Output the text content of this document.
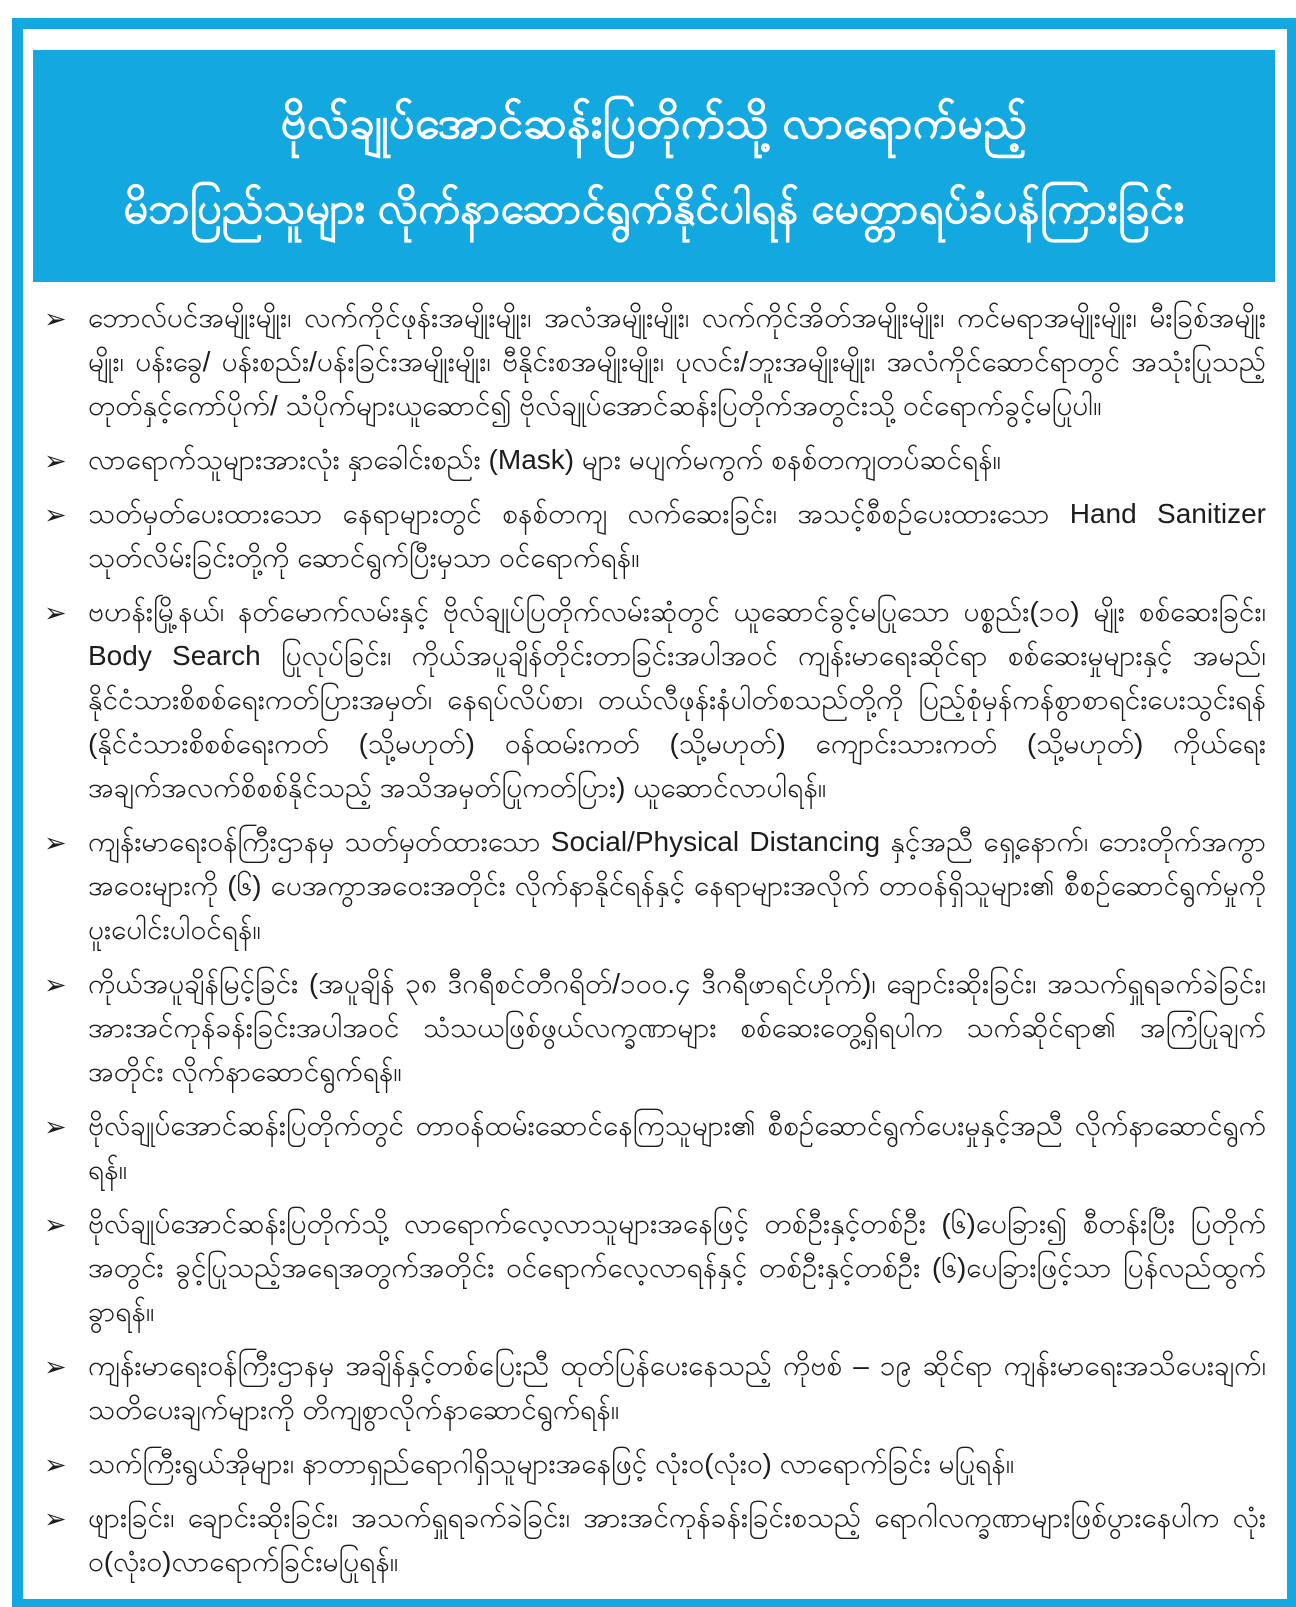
ဗိုလ်ချုပ်အောင်ဆန်းပြတိုက်သို့ လာရောက်မည့်
မိဘပြည်သူများ လိုက်နာဆောင်ရွက်နိုင်ပါရန် မေတ္တာရပ်ခံပန်ကြားခြင်း
➢ ဘောလ်ပင်အမျိုးမျိုး၊ လက်ကိုင်ဖုန်းအမျိုးမျိုး၊ အလံအမျိုးမျိုး၊ လက်ကိုင်အိတ်အမျိုးမျိုး၊ ကင်မရာအမျိုးမျိုး၊ မီးခြစ်အမျိုးမျိုး၊ ပန်းခွေ/ ပန်းစည်း/ပန်းခြင်းအမျိုးမျိုး၊ ဗီနိုင်းစအမျိုးမျိုး၊ ပုလင်း/ဘူးအမျိုးမျိုး၊ အလံကိုင်ဆောင်ရာတွင် အသုံးပြုသည့် တုတ်နှင့်ကော်ပိုက်/ သံပိုက်များယူဆောင်၍ ဗိုလ်ချုပ်အောင်ဆန်းပြတိုက်အတွင်းသို့ ဝင်ရောက်ခွင့်မပြုပါ။
➢ လာရောက်သူများအားလုံး နှာခေါင်းစည်း (Mask) များ မပျက်မကွက် စနစ်တကျတပ်ဆင်ရန်။
➢ သတ်မှတ်ပေးထားသော နေရာများတွင် စနစ်တကျ လက်ဆေးခြင်း၊ အသင့်စီစဉ်ပေးထားသော Hand Sanitizer သုတ်လိမ်းခြင်းတို့ကို ဆောင်ရွက်ပြီးမှသာ ဝင်ရောက်ရန်။
➢ ဗဟန်းမြို့နယ်၊ နတ်မောက်လမ်းနှင့် ဗိုလ်ချုပ်ပြတိုက်လမ်းဆုံတွင် ယူဆောင်ခွင့်မပြုသော ပစ္စည်း(၁၀) မျိုး စစ်ဆေးခြင်း၊Body Search ပြုလုပ်ခြင်း၊ ကိုယ်အပူချိန်တိုင်းတာခြင်းအပါအဝင် ကျန်းမာရေးဆိုင်ရာ စစ်ဆေးမှုများနှင့် အမည်၊ နိုင်ငံသားစိစစ်ရေးကတ်ပြားအမှတ်၊ နေရပ်လိပ်စာ၊ တယ်လီဖုန်းနံပါတ်စသည်တို့ကို ပြည့်စုံမှန်ကန်စွာစာရင်းပေးသွင်းရန် (နိုင်ငံသားစိစစ်ရေးကတ် (သို့မဟုတ်) ဝန်ထမ်းကတ် (သို့မဟုတ်) ကျောင်းသားကတ် (သို့မဟုတ်) ကိုယ်ရေးအချက်အလက်စိစစ်နိုင်သည့် အသိအမှတ်ပြုကတ်ပြား) ယူဆောင်လာပါရန်။
➢ ကျန်းမာရေးဝန်ကြီးဌာနမှ သတ်မှတ်ထားသော Social/Physical Distancing နှင့်အညီ ရှေ့နောက်၊ ဘေးတိုက်အကွာအဝေးများကို (၆) ပေအကွာအဝေးအတိုင်း လိုက်နာနိုင်ရန်နှင့် နေရာများအလိုက် တာဝန်ရှိသူများ၏ စီစဉ်ဆောင်ရွက်မှုကို ပူးပေါင်းပါဝင်ရန်။
➢ ကိုယ်အပူချိန်မြင့်ခြင်း (အပူချိန် ၃၈ ဒီဂရီစင်တီဂရိတ်/၁၀၀.၄ ဒီဂရီဖာရင်ဟိုက်)၊ ချောင်းဆိုးခြင်း၊ အသက်ရှူရခက်ခဲခြင်း၊ အားအင်ကုန်ခန်းခြင်းအပါအဝင် သံသယဖြစ်ဖွယ်လက္ခဏာများ စစ်ဆေးတွေ့ရှိရပါက သက်ဆိုင်ရာ၏ အကြံပြုချက်အတိုင်း လိုက်နာဆောင်ရွက်ရန်။
➢ ဗိုလ်ချုပ်အောင်ဆန်းပြတိုက်တွင် တာဝန်ထမ်းဆောင်နေကြသူများ၏ စီစဉ်ဆောင်ရွက်ပေးမှုနှင့်အညီ လိုက်နာဆောင်ရွက်ရန်။
➢ ဗိုလ်ချုပ်အောင်ဆန်းပြတိုက်သို့ လာရောက်လေ့လာသူများအနေဖြင့် တစ်ဦးနှင့်တစ်ဦး (၆)ပေခြား၍ စီတန်းပြီး ပြတိုက်အတွင်း ခွင့်ပြုသည့်အရေအတွက်အတိုင်း ဝင်ရောက်လေ့လာရန်နှင့် တစ်ဦးနှင့်တစ်ဦး (၆)ပေခြားဖြင့်သာ ပြန်လည်ထွက်ခွာရန်။
➢ ကျန်းမာရေးဝန်ကြီးဌာနမှ အချိန်နှင့်တစ်ပြေးညီ ထုတ်ပြန်ပေးနေသည့် ကိုဗစ် – ၁၉ ဆိုင်ရာ ကျန်းမာရေးအသိပေးချက်၊ သတိပေးချက်များကို တိကျစွာလိုက်နာဆောင်ရွက်ရန်။
➢ သက်ကြီးရွယ်အိုများ၊ နာတာရှည်ရောဂါရှိသူများအနေဖြင့် လုံးဝ(လုံးဝ) လာရောက်ခြင်း မပြုရန်။
➢ ဖျားခြင်း၊ ချောင်းဆိုးခြင်း၊ အသက်ရှူရခက်ခဲခြင်း၊ အားအင်ကုန်ခန်းခြင်းစသည့် ရောဂါလက္ခဏာများဖြစ်ပွားနေပါက လုံးဝ(လုံးဝ)လာရောက်ခြင်းမပြုရန်။
